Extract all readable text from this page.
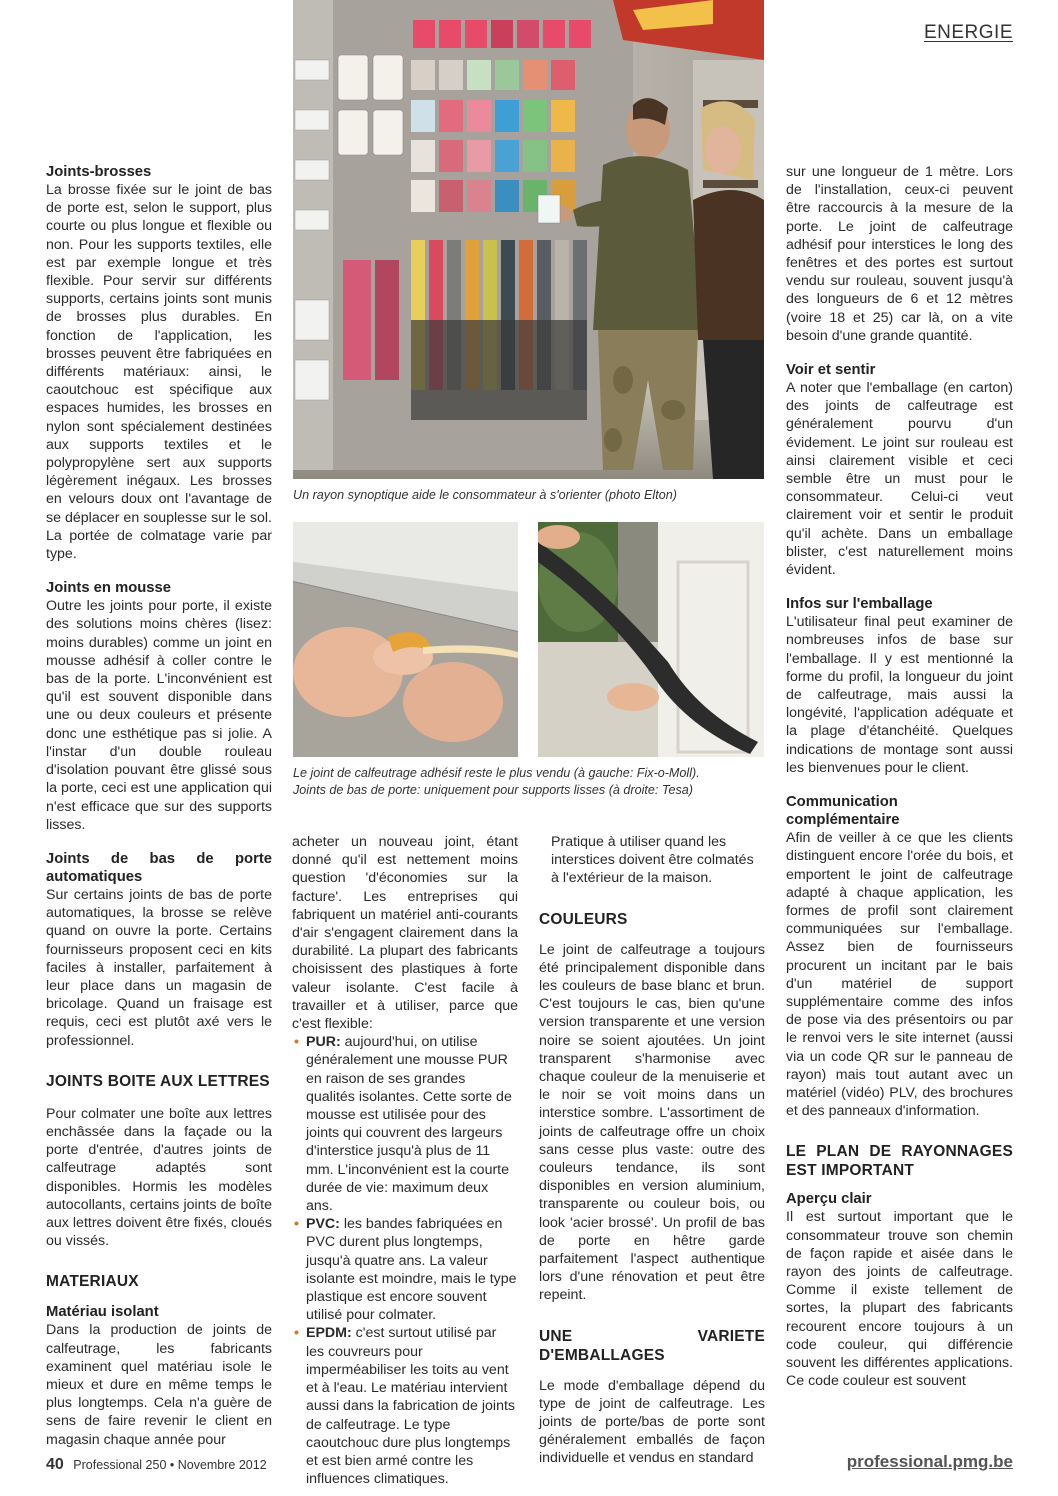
ENERGIE
Un rayon synoptique aide le consommateur à s'orienter (photo Elton)
Le joint de calfeutrage adhésif reste le plus vendu (à gauche: Fix-o-Moll). Joints de bas de porte: uniquement pour supports lisses (à droite: Tesa)

Joints-brosses

La brosse fixée sur le joint de bas de porte est, selon le support, plus courte ou plus longue et flexible ou non. Pour les supports textiles, elle est par exemple longue et très flexible. Pour servir sur différents supports, certains joints sont munis de brosses plus durables. En fonction de l'application, les brosses peuvent être fabriquées en différents matériaux: ainsi, le caoutchouc est spécifique aux espaces humides, les brosses en nylon sont spécialement destinées aux supports textiles et le polypropylène sert aux supports légèrement inégaux. Les brosses en velours doux ont l'avantage de se déplacer en souplesse sur le sol. La portée de colmatage varie par type.

Joints en mousse

Outre les joints pour porte, il existe des solutions moins chères (lisez: moins durables) comme un joint en mousse adhésif à coller contre le bas de la porte. L'inconvénient est qu'il est souvent disponible dans une ou deux couleurs et présente donc une esthétique pas si jolie. A l'instar d'un double rouleau d'isolation pouvant être glissé sous la porte, ceci est une application qui n'est efficace que sur des supports lisses.

Joints de bas de porte automatiques

Sur certains joints de bas de porte automatiques, la brosse se relève quand on ouvre la porte. Certains fournisseurs proposent ceci en kits faciles à installer, parfaitement à leur place dans un magasin de bricolage. Quand un fraisage est requis, ceci est plutôt axé vers le professionnel.

JOINTS BOITE AUX LETTRES

Pour colmater une boîte aux lettres enchâssée dans la façade ou la porte d'entrée, d'autres joints de calfeutrage adaptés sont disponibles. Hormis les modèles autocollants, certains joints de boîte aux lettres doivent être fixés, cloués ou vissés.

MATERIAUX

Matériau isolant

Dans la production de joints de calfeutrage, les fabricants examinent quel matériau isole le mieux et dure en même temps le plus longtemps. Cela n'a guère de sens de faire revenir le client en magasin chaque année pour

acheter un nouveau joint, étant donné qu'il est nettement moins question 'd'économies sur la facture'. Les entreprises qui fabriquent un matériel anti-courants d'air s'engagent clairement dans la durabilité. La plupart des fabricants choisissent des plastiques à forte valeur isolante. C'est facile à travailler et à utiliser, parce que c'est flexible:

• PUR: aujourd'hui, on utilise généralement une mousse PUR en raison de ses grandes qualités isolantes. Cette sorte de mousse est utilisée pour des joints qui couvrent des largeurs d'interstice jusqu'à plus de 11 mm. L'inconvénient est la courte durée de vie: maximum deux ans.
• PVC: les bandes fabriquées en PVC durent plus longtemps, jusqu'à quatre ans. La valeur isolante est moindre, mais le type plastique est encore souvent utilisé pour colmater.
• EPDM: c'est surtout utilisé par les couvreurs pour imperméabiliser les toits au vent et à l'eau. Le matériau intervient aussi dans la fabrication de joints de calfeutrage. Le type caoutchouc dure plus longtemps et est bien armé contre les influences climatiques.

Pratique à utiliser quand les interstices doivent être colmatés à l'extérieur de la maison.

COULEURS

Le joint de calfeutrage a toujours été principalement disponible dans les couleurs de base blanc et brun. C'est toujours le cas, bien qu'une version transparente et une version noire se soient ajoutées. Un joint transparent s'harmonise avec chaque couleur de la menuiserie et le noir se voit moins dans un interstice sombre. L'assortiment de joints de calfeutrage offre un choix sans cesse plus vaste: outre des couleurs tendance, ils sont disponibles en version aluminium, transparente ou couleur bois, ou look 'acier brossé'. Un profil de bas de porte en hêtre garde parfaitement l'aspect authentique lors d'une rénovation et peut être repeint.

UNE VARIETE D'EMBALLAGES

Le mode d'emballage dépend du type de joint de calfeutrage. Les joints de porte/bas de porte sont généralement emballés de façon individuelle et vendus en standard

sur une longueur de 1 mètre. Lors de l'installation, ceux-ci peuvent être raccourcis à la mesure de la porte. Le joint de calfeutrage adhésif pour interstices le long des fenêtres et des portes est surtout vendu sur rouleau, souvent jusqu'à des longueurs de 6 et 12 mètres (voire 18 et 25) car là, on a vite besoin d'une grande quantité.

Voir et sentir

A noter que l'emballage (en carton) des joints de calfeutrage est généralement pourvu d'un évidement. Le joint sur rouleau est ainsi clairement visible et ceci semble être un must pour le consommateur. Celui-ci veut clairement voir et sentir le produit qu'il achète. Dans un emballage blister, c'est naturellement moins évident.

Infos sur l'emballage

L'utilisateur final peut examiner de nombreuses infos de base sur l'emballage. Il y est mentionné la forme du profil, la longueur du joint de calfeutrage, mais aussi la longévité, l'application adéquate et la plage d'étanchéité. Quelques indications de montage sont aussi les bienvenues pour le client.

Communication complémentaire

Afin de veiller à ce que les clients distinguent encore l'orée du bois, et emportent le joint de calfeutrage adapté à chaque application, les formes de profil sont clairement communiquées sur l'emballage. Assez bien de fournisseurs procurent un incitant par le bais d'un matériel de support supplémentaire comme des infos de pose via des présentoirs ou par le renvoi vers le site internet (aussi via un code QR sur le panneau de rayon) mais tout autant avec un matériel (vidéo) PLV, des brochures et des panneaux d'information.

LE PLAN DE RAYONNAGES EST IMPORTANT

Aperçu clair

Il est surtout important que le consommateur trouve son chemin de façon rapide et aisée dans le rayon des joints de calfeutrage. Comme il existe tellement de sortes, la plupart des fabricants recourent encore toujours à un code couleur, qui différencie souvent les différentes applications. Ce code couleur est souvent

40 Professional 250 • Novembre 2012	professional.pmg.be
